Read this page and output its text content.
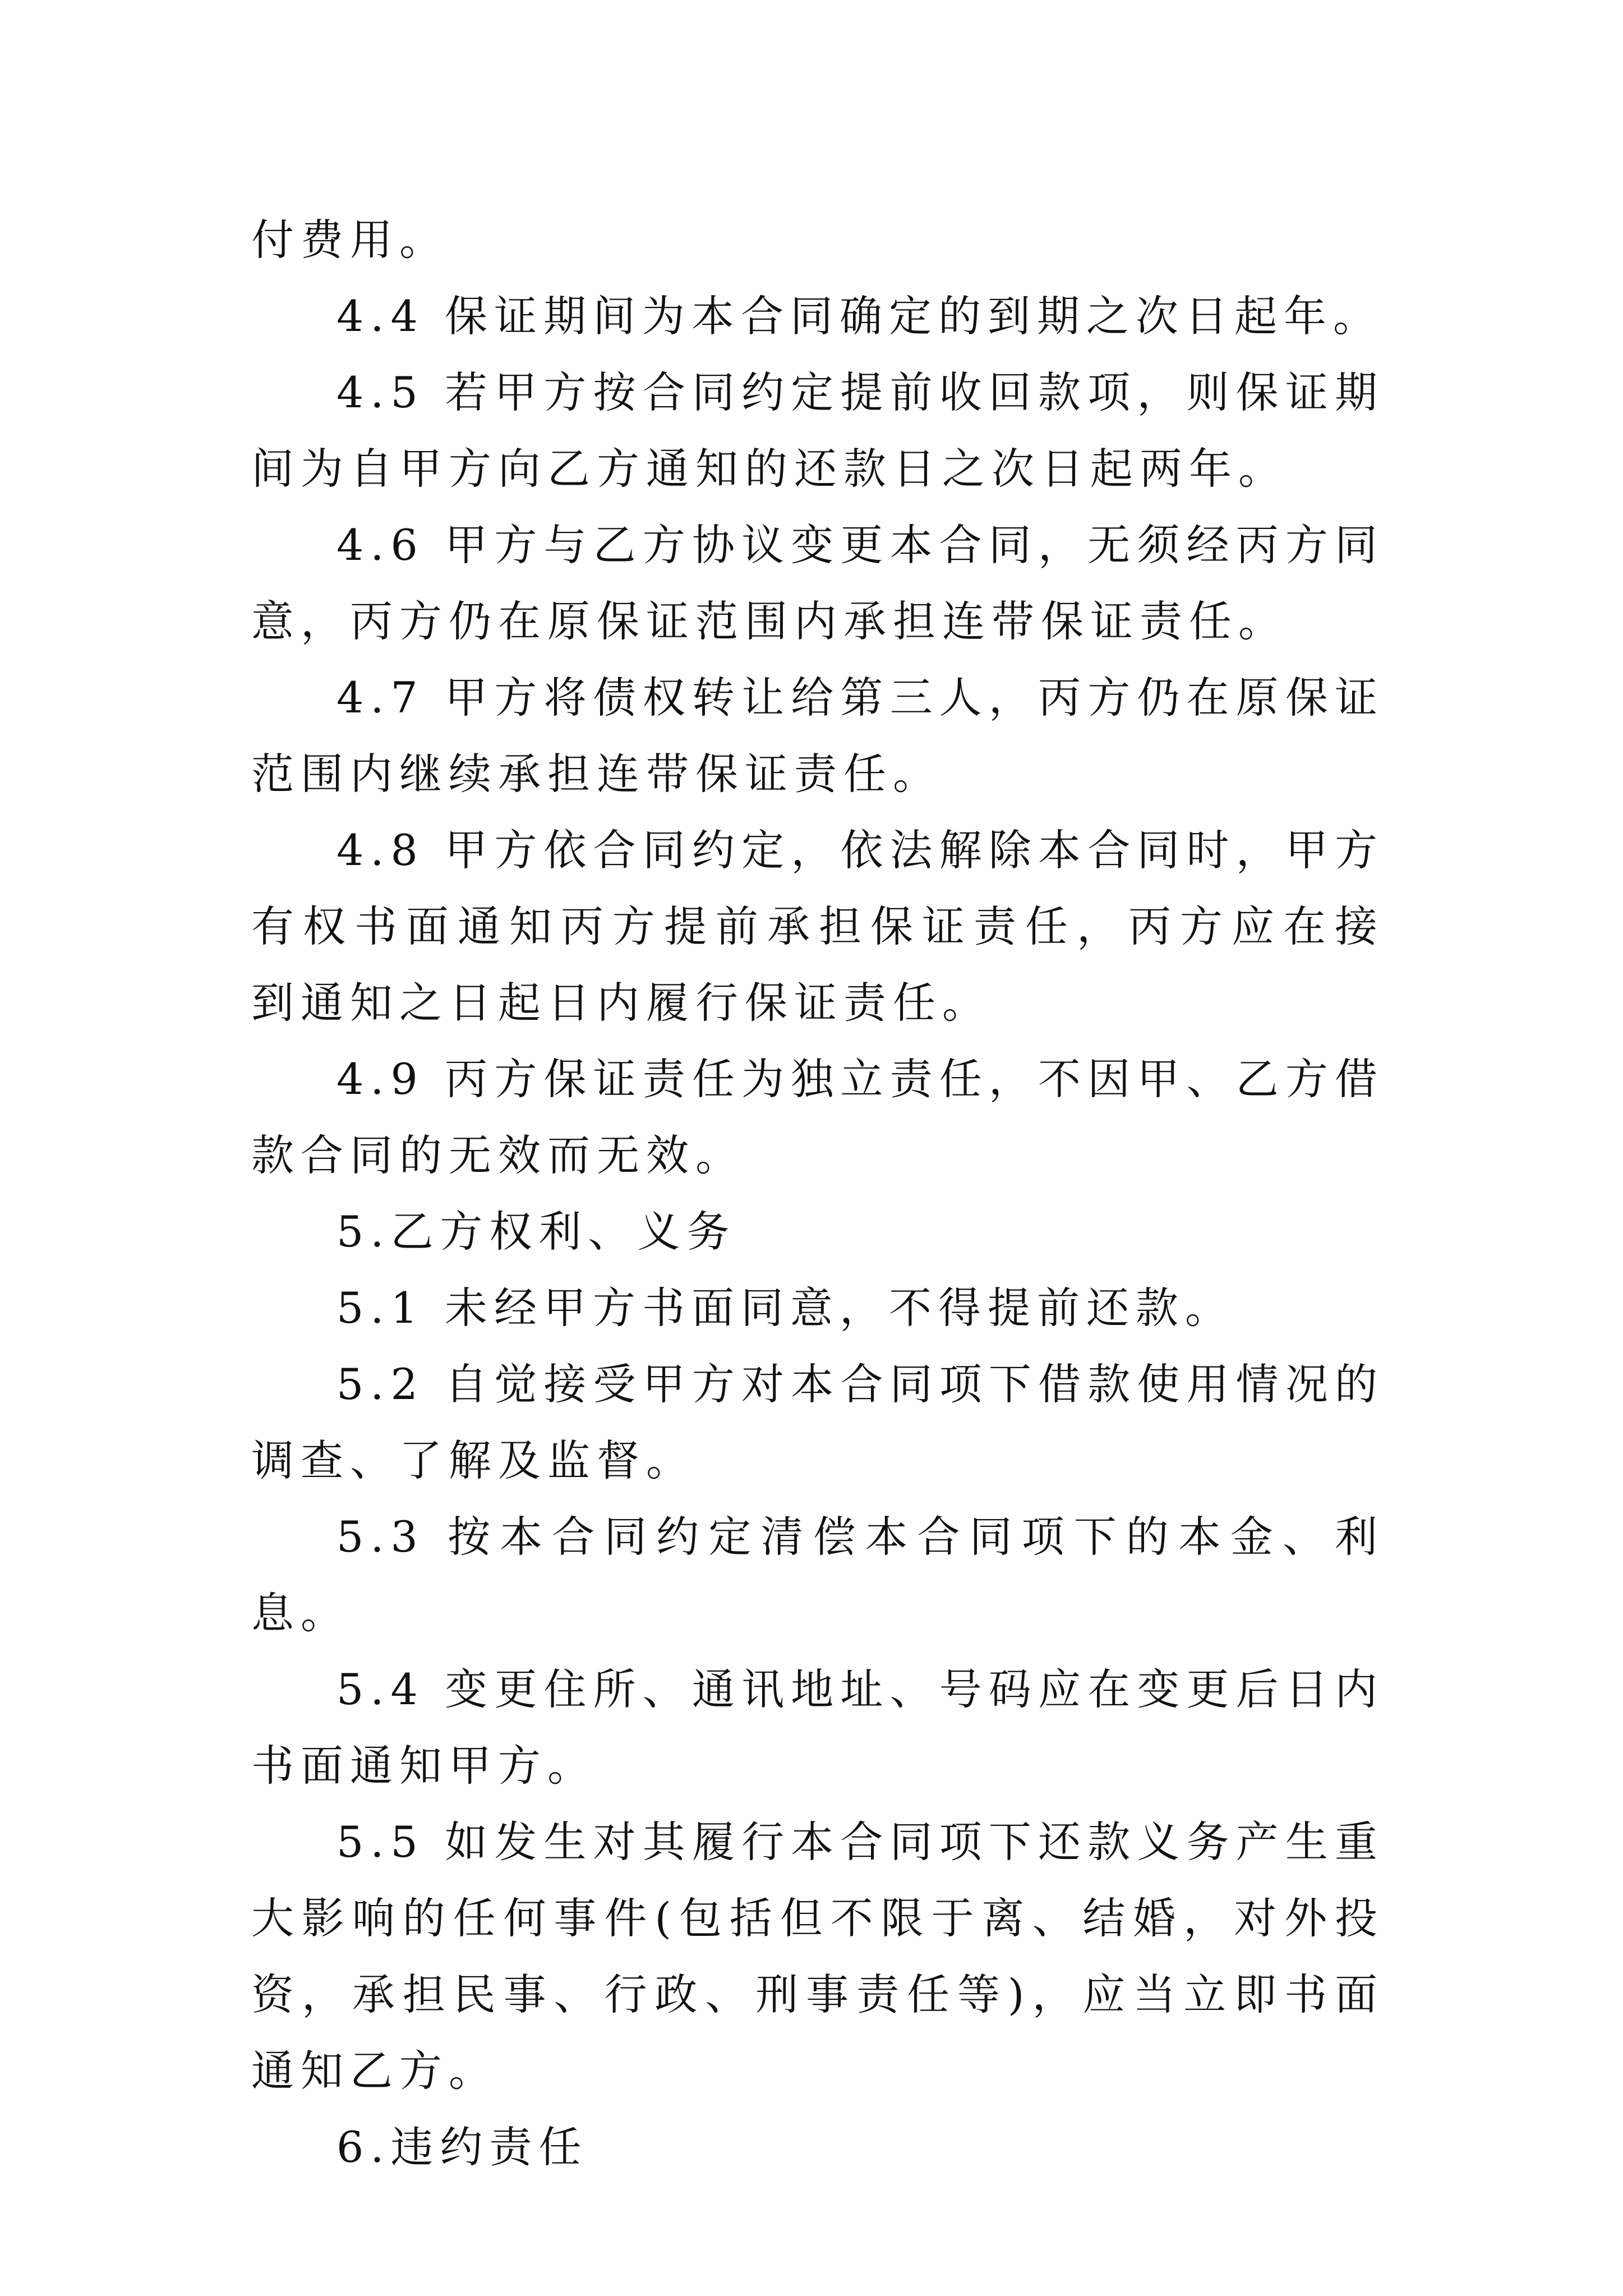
付费用。

4.4 保证期间为本合同确定的到期之次日起年。

4.5 若甲方按合同约定提前收回款项，则保证期间为自甲方向乙方通知的还款日之次日起两年。

4.6 甲方与乙方协议变更本合同，无须经丙方同意，丙方仍在原保证范围内承担连带保证责任。

4.7 甲方将债权转让给第三人，丙方仍在原保证范围内继续承担连带保证责任。

4.8 甲方依合同约定，依法解除本合同时，甲方有权书面通知丙方提前承担保证责任，丙方应在接到通知之日起日内履行保证责任。

4.9 丙方保证责任为独立责任，不因甲、乙方借款合同的无效而无效。

5.乙方权利、义务

5.1 未经甲方书面同意，不得提前还款。

5.2 自觉接受甲方对本合同项下借款使用情况的调查、了解及监督。

5.3 按本合同约定清偿本合同项下的本金、利息。

5.4 变更住所、通讯地址、号码应在变更后日内书面通知甲方。

5.5 如发生对其履行本合同项下还款义务产生重大影响的任何事件(包括但不限于离、结婚，对外投资，承担民事、行政、刑事责任等)，应当立即书面通知乙方。

6.违约责任
